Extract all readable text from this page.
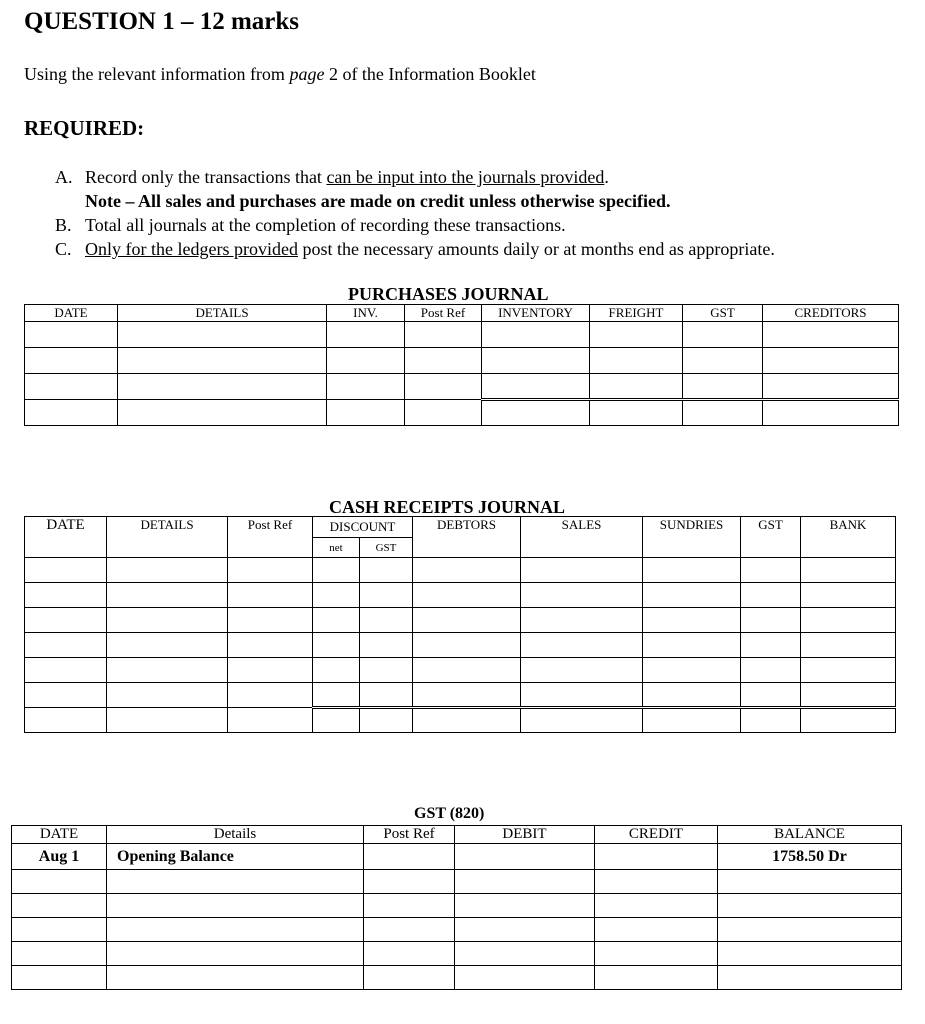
QUESTION 1 – 12 marks
Using the relevant information from page 2 of the Information Booklet
REQUIRED:
A. Record only the transactions that can be input into the journals provided.
Note – All sales and purchases are made on credit unless otherwise specified.
B. Total all journals at the completion of recording these transactions.
C. Only for the ledgers provided post the necessary amounts daily or at months end as appropriate.
PURCHASES JOURNAL
DATE	DETAILS	INV.	Post Ref	INVENTORY	FREIGHT	GST	CREDITORS

CASH RECEIPTS JOURNAL
DATE	DETAILS	Post Ref	DISCOUNT		DEBTORS	SALES	SUNDRIES	GST	BANK
			net	GST					

GST (820)
DATE	Details	Post Ref	DEBIT	CREDIT	BALANCE
Aug 1	Opening Balance				1758.50 Dr
